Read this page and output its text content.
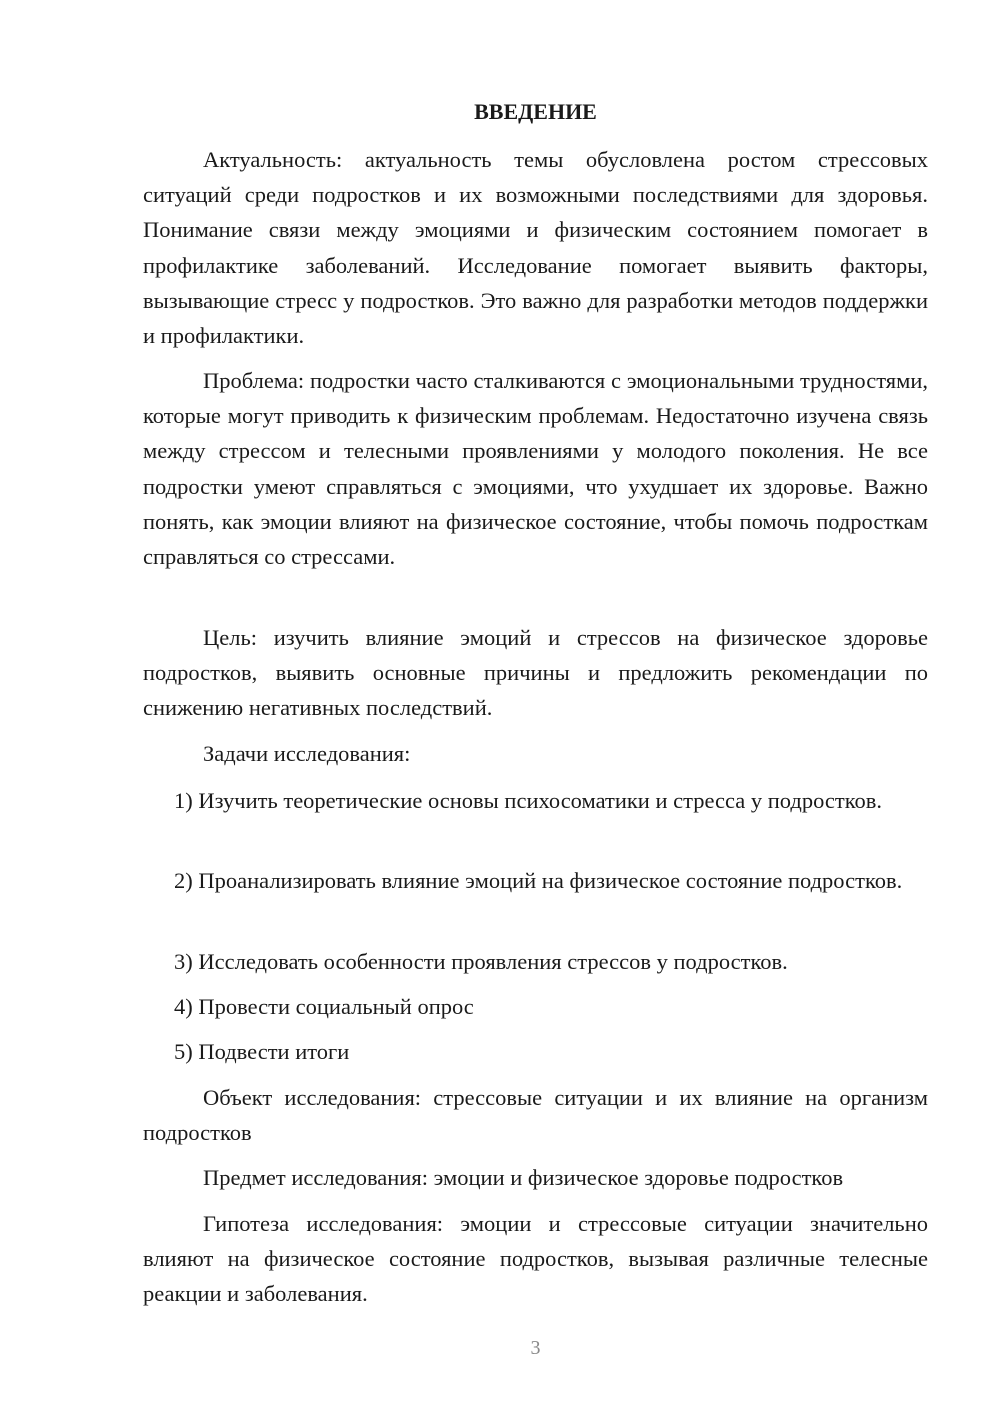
ВВЕДЕНИЕ

Актуальность: актуальность темы обусловлена ростом стрессовых ситуаций среди подростков и их возможными последствиями для здоровья. Понимание связи между эмоциями и физическим состоянием помогает в профилактике заболеваний. Исследование помогает выявить факторы, вызывающие стресс у подростков. Это важно для разработки методов поддержки и профилактики.

Проблема: подростки часто сталкиваются с эмоциональными трудностями, которые могут приводить к физическим проблемам. Недостаточно изучена связь между стрессом и телесными проявлениями у молодого поколения. Не все подростки умеют справляться с эмоциями, что ухудшает их здоровье. Важно понять, как эмоции влияют на физическое состояние, чтобы помочь подросткам справляться со стрессами.

Цель: изучить влияние эмоций и стрессов на физическое здоровье подростков, выявить основные причины и предложить рекомендации по снижению негативных последствий.

Задачи исследования:

1) Изучить теоретические основы психосоматики и стресса у подростков.

2) Проанализировать влияние эмоций на физическое состояние подростков.

3) Исследовать особенности проявления стрессов у подростков.

4) Провести социальный опрос

5) Подвести итоги

Объект исследования: стрессовые ситуации и их влияние на организм подростков

Предмет исследования: эмоции и физическое здоровье подростков

Гипотеза исследования: эмоции и стрессовые ситуации значительно влияют на физическое состояние подростков, вызывая различные телесные реакции и заболевания.

3
